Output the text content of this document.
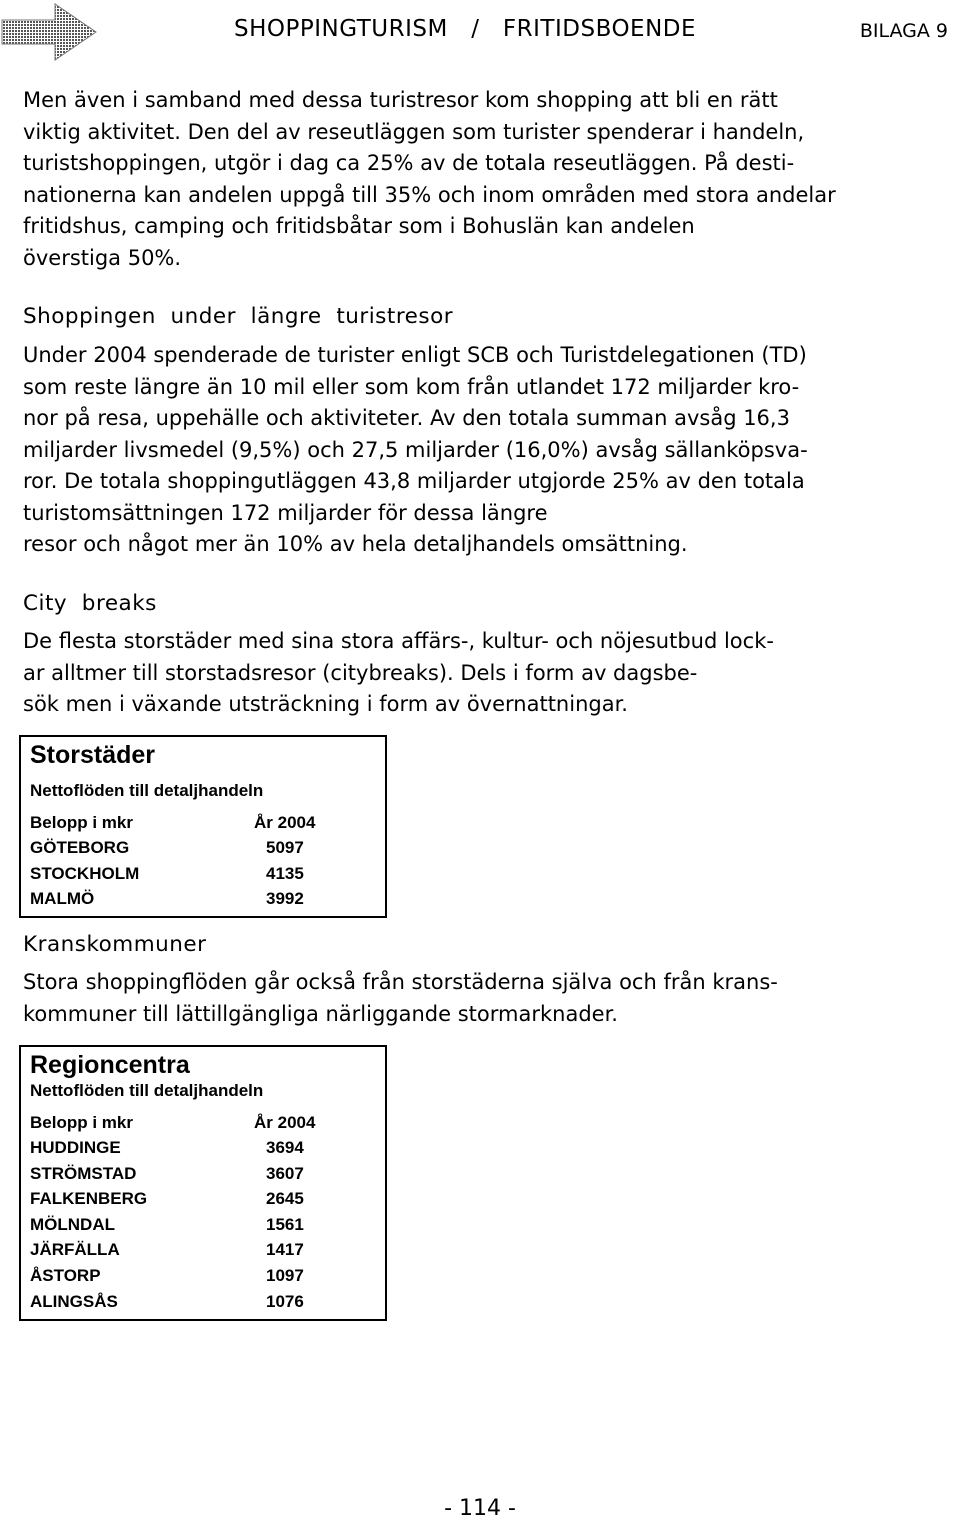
SHOPPINGTURISM   /   FRITIDSBOENDE	BILAGA 9
Men även i samband med dessa turistresor kom shopping att bli en rätt
viktig aktivitet. Den del av reseutläggen som turister spenderar i handeln,
turistshoppingen, utgör i dag ca 25% av de totala reseutläggen. På desti-
nationerna kan andelen uppgå till 35% och inom områden med stora andelar
fritidshus, camping och fritidsbåtar som i Bohuslän kan andelen
överstiga 50%.
Shoppingen  under  längre  turistresor
Under 2004 spenderade de turister enligt SCB och Turistdelegationen (TD)
som reste längre än 10 mil eller som kom från utlandet 172 miljarder kro-
nor på resa, uppehälle och aktiviteter. Av den totala summan avsåg 16,3
miljarder livsmedel (9,5%) och 27,5 miljarder (16,0%) avsåg sällanköpsva-
ror. De totala shoppingutläggen 43,8 miljarder utgjorde 25% av den totala
turistomsättningen 172 miljarder för dessa längre
resor och något mer än 10% av hela detaljhandels omsättning.
City  breaks
De flesta storstäder med sina stora affärs-, kultur- och nöjesutbud lock-
ar alltmer till storstadsresor (citybreaks). Dels i form av dagsbe-
sök men i växande utsträckning i form av övernattningar.
Storstäder
Nettoflöden till detaljhandeln
Belopp i mkr	År 2004
GÖTEBORG	5097
STOCKHOLM	4135
MALMÖ	3992
Kranskommuner
Stora shoppingflöden går också från storstäderna själva och från krans-
kommuner till lättillgängliga närliggande stormarknader.
Regioncentra
Nettoflöden till detaljhandeln
Belopp i mkr	År 2004
HUDDINGE	3694
STRÖMSTAD	3607
FALKENBERG	2645
MÖLNDAL	1561
JÄRFÄLLA	1417
ÅSTORP	1097
ALINGSÅS	1076
- 114 -
